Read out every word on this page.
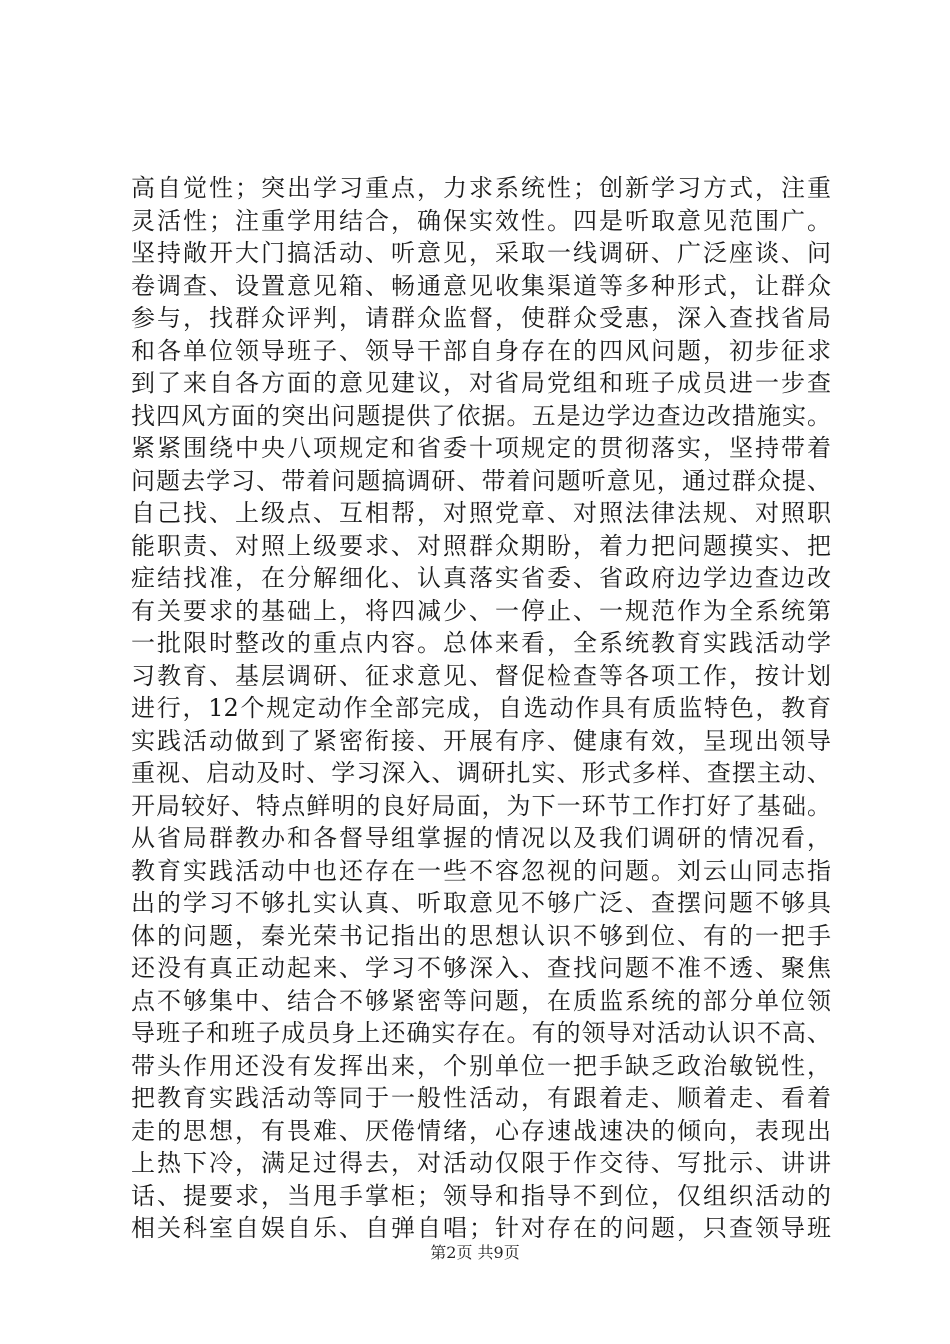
高自觉性；突出学习重点，力求系统性；创新学习方式，注重
灵活性；注重学用结合，确保实效性。四是听取意见范围广。
坚持敞开大门搞活动、听意见，采取一线调研、广泛座谈、问
卷调查、设置意见箱、畅通意见收集渠道等多种形式，让群众
参与，找群众评判，请群众监督，使群众受惠，深入查找省局
和各单位领导班子、领导干部自身存在的四风问题，初步征求
到了来自各方面的意见建议，对省局党组和班子成员进一步查
找四风方面的突出问题提供了依据。五是边学边查边改措施实。
紧紧围绕中央八项规定和省委十项规定的贯彻落实，坚持带着
问题去学习、带着问题搞调研、带着问题听意见，通过群众提、
自己找、上级点、互相帮，对照党章、对照法律法规、对照职
能职责、对照上级要求、对照群众期盼，着力把问题摸实、把
症结找准，在分解细化、认真落实省委、省政府边学边查边改
有关要求的基础上，将四减少、一停止、一规范作为全系统第
一批限时整改的重点内容。总体来看，全系统教育实践活动学
习教育、基层调研、征求意见、督促检查等各项工作，按计划
进行，12个规定动作全部完成，自选动作具有质监特色，教育
实践活动做到了紧密衔接、开展有序、健康有效，呈现出领导
重视、启动及时、学习深入、调研扎实、形式多样、查摆主动、
开局较好、特点鲜明的良好局面，为下一环节工作打好了基础。
从省局群教办和各督导组掌握的情况以及我们调研的情况看，
教育实践活动中也还存在一些不容忽视的问题。刘云山同志指
出的学习不够扎实认真、听取意见不够广泛、查摆问题不够具
体的问题，秦光荣书记指出的思想认识不够到位、有的一把手
还没有真正动起来、学习不够深入、查找问题不准不透、聚焦
点不够集中、结合不够紧密等问题，在质监系统的部分单位领
导班子和班子成员身上还确实存在。有的领导对活动认识不高、
带头作用还没有发挥出来，个别单位一把手缺乏政治敏锐性，
把教育实践活动等同于一般性活动，有跟着走、顺着走、看着
走的思想，有畏难、厌倦情绪，心存速战速决的倾向，表现出
上热下冷，满足过得去，对活动仅限于作交待、写批示、讲讲
话、提要求，当甩手掌柜；领导和指导不到位，仅组织活动的
相关科室自娱自乐、自弹自唱；针对存在的问题，只查领导班
第2页 共9页
